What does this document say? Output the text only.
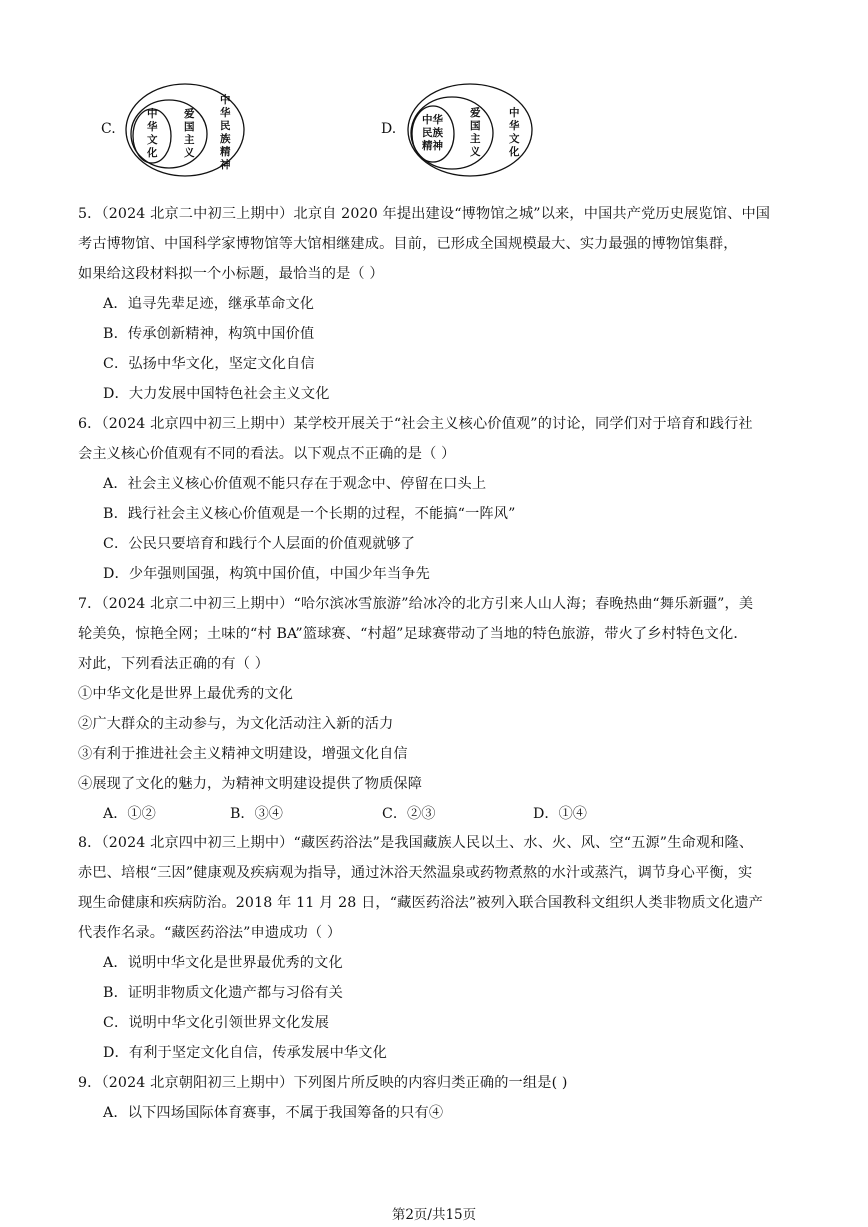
C.
中
华
文
化
爱
国
主
义
中
华
民
族
精
神
D.
中华
民族
精神
爱
国
主
义
中
华
文
化
5．（2024 北京二中初三上期中）北京自 2020 年提出建设“博物馆之城”以来，中国共产党历史展览馆、中国
考古博物馆、中国科学家博物馆等大馆相继建成。目前，已形成全国规模最大、实力最强的博物馆集群，
如果给这段材料拟一个小标题，最恰当的是（ ）
A．追寻先辈足迹，继承革命文化
B．传承创新精神，构筑中国价值
C．弘扬中华文化，坚定文化自信
D．大力发展中国特色社会主义文化
6．（2024 北京四中初三上期中）某学校开展关于“社会主义核心价值观”的讨论，同学们对于培育和践行社
会主义核心价值观有不同的看法。以下观点不正确的是（ ）
A．社会主义核心价值观不能只存在于观念中、停留在口头上
B．践行社会主义核心价值观是一个长期的过程，不能搞“一阵风”
C．公民只要培育和践行个人层面的价值观就够了
D．少年强则国强，构筑中国价值，中国少年当争先
7．（2024 北京二中初三上期中）“哈尔滨冰雪旅游”给冰冷的北方引来人山人海；春晚热曲“舞乐新疆”，美
轮美奂，惊艳全网；土味的“村 BA”篮球赛、“村超”足球赛带动了当地的特色旅游，带火了乡村特色文化．
对此，下列看法正确的有（ ）
①中华文化是世界上最优秀的文化
②广大群众的主动参与，为文化活动注入新的活力
③有利于推进社会主义精神文明建设，增强文化自信
④展现了文化的魅力，为精神文明建设提供了物质保障
A．①②	B．③④	C．②③	D．①④
8．（2024 北京四中初三上期中）“藏医药浴法”是我国藏族人民以土、水、火、风、空“五源”生命观和隆、
赤巴、培根“三因”健康观及疾病观为指导，通过沐浴天然温泉或药物煮熬的水汁或蒸汽，调节身心平衡，实
现生命健康和疾病防治。2018 年 11 月 28 日，“藏医药浴法”被列入联合国教科文组织人类非物质文化遗产
代表作名录。“藏医药浴法”申遗成功（ ）
A．说明中华文化是世界最优秀的文化
B．证明非物质文化遗产都与习俗有关
C．说明中华文化引领世界文化发展
D．有利于坚定文化自信，传承发展中华文化
9．（2024 北京朝阳初三上期中）下列图片所反映的内容归类正确的一组是( )
A．以下四场国际体育赛事，不属于我国筹备的只有④
第2页/共15页
